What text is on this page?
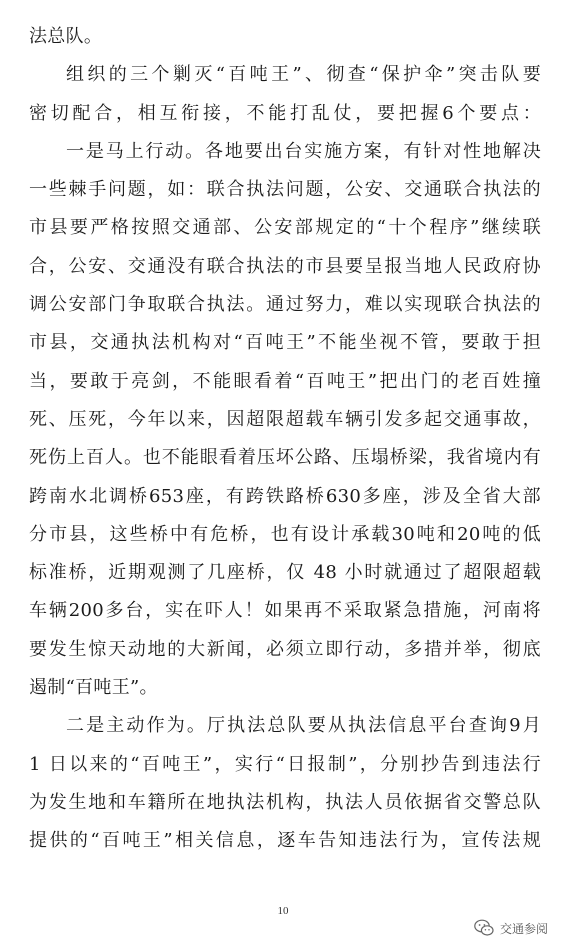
法总队。
组织的三个剿灭“百吨王”、彻查“保护伞”突击队要
密切配合，相互衔接，不能打乱仗，要把握6个要点：
一是马上行动。各地要出台实施方案，有针对性地解决
一些棘手问题，如：联合执法问题，公安、交通联合执法的
市县要严格按照交通部、公安部规定的“十个程序”继续联
合，公安、交通没有联合执法的市县要呈报当地人民政府协
调公安部门争取联合执法。通过努力，难以实现联合执法的
市县，交通执法机构对“百吨王”不能坐视不管，要敢于担
当，要敢于亮剑，不能眼看着“百吨王”把出门的老百姓撞
死、压死，今年以来，因超限超载车辆引发多起交通事故，
死伤上百人。也不能眼看着压坏公路、压塌桥梁，我省境内有
跨南水北调桥653座，有跨铁路桥630多座，涉及全省大部
分市县，这些桥中有危桥，也有设计承载30吨和20吨的低
标准桥，近期观测了几座桥，仅 48 小时就通过了超限超载
车辆200多台，实在吓人！如果再不采取紧急措施，河南将
要发生惊天动地的大新闻，必须立即行动，多措并举，彻底
遏制“百吨王”。
二是主动作为。厅执法总队要从执法信息平台查询9月
1 日以来的“百吨王”，实行“日报制”，分别抄告到违法行
为发生地和车籍所在地执法机构，执法人员依据省交警总队
提供的“百吨王”相关信息，逐车告知违法行为，宣传法规
10
交通参阅
